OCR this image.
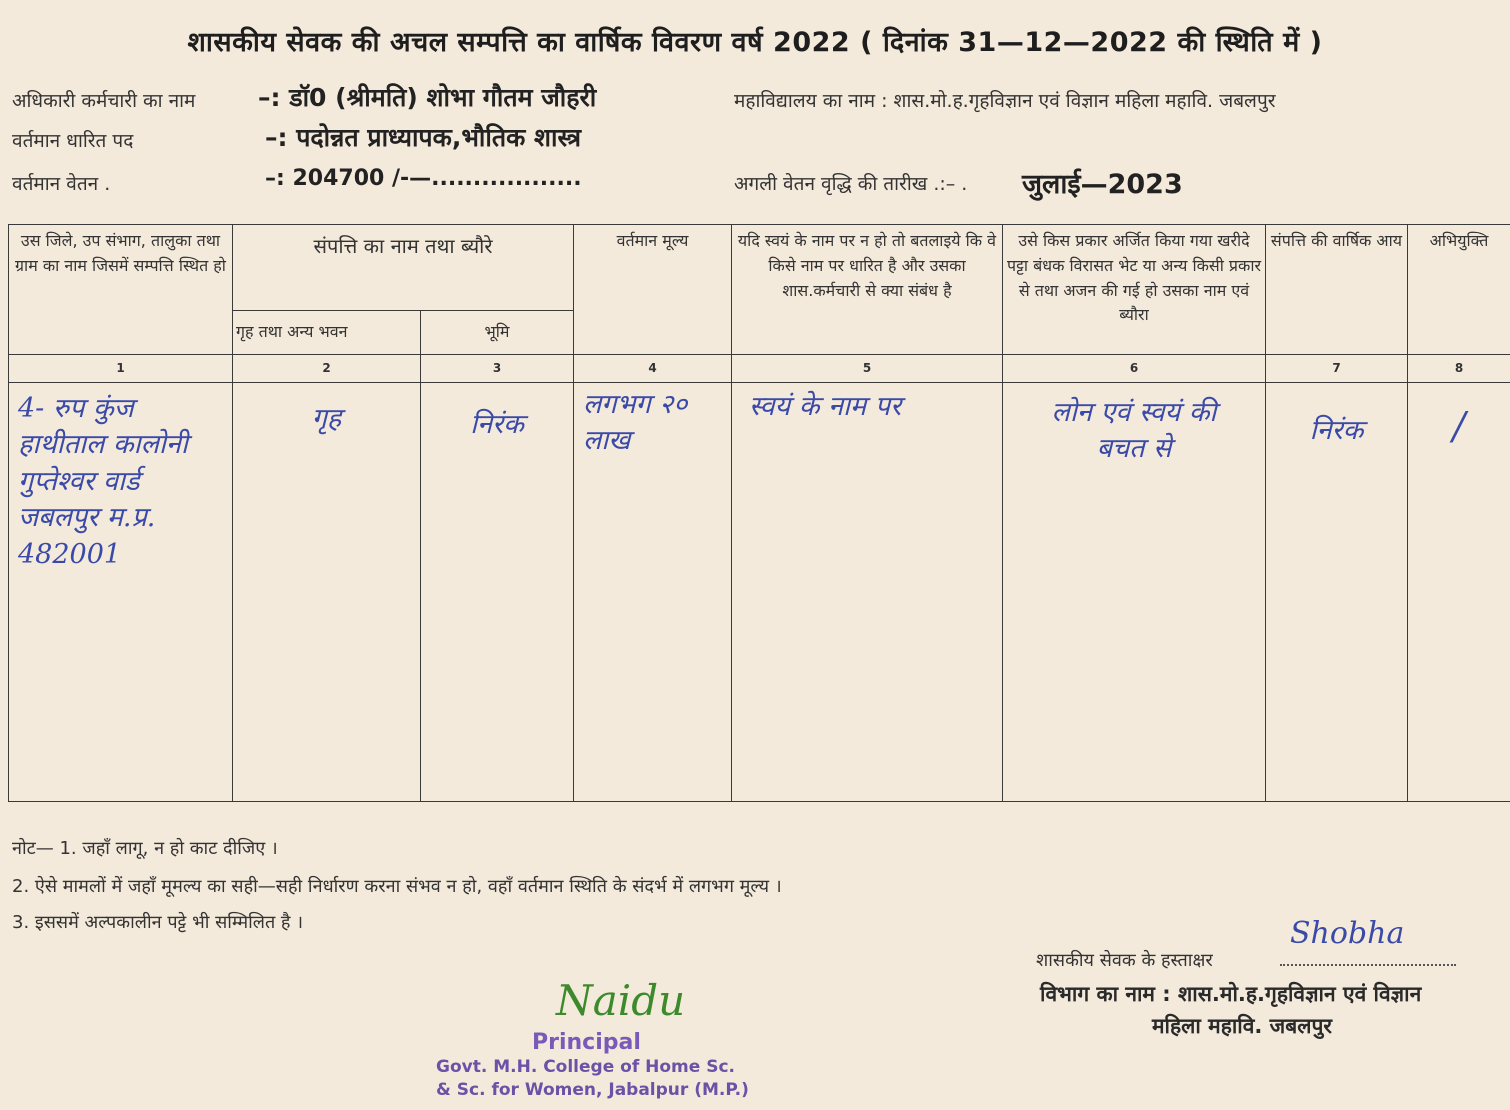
शासकीय सेवक की अचल सम्पत्ति का वार्षिक विवरण वर्ष 2022 ( दिनांक 31—12—2022 की स्थिति में )
अधिकारी कर्मचारी का नाम	–: डॉ0 (श्रीमति) शोभा गौतम जौहरी	महाविद्यालय का नाम : शास.मो.ह.गृहविज्ञान एवं विज्ञान महिला महावि. जबलपुर
वर्तमान धारित पद	–: पदोन्नत प्राध्यापक,भौतिक शास्त्र
वर्तमान वेतन .	–: 204700 /-—..................	अगली वेतन वृद्धि की तारीख .:– . जुलाई—2023
उस जिले, उप संभाग, तालुका तथा ग्राम का नाम जिसमें सम्पत्ति स्थित हो	संपत्ति का नाम तथा ब्यौरे		वर्तमान मूल्य	यदि स्वयं के नाम पर न हो तो बतलाइये कि वे किसे नाम पर धारित है और उसका शास.कर्मचारी से क्या संबंध है	उसे किस प्रकार अर्जित किया गया खरीदे पट्टा बंधक विरासत भेट या अन्य किसी प्रकार से तथा अजन की गई हो उसका नाम एवं ब्यौरा	संपत्ति की वार्षिक आय	अभियुक्ति
	गृह तथा अन्य भवन	भूमि					
1	2	3	4	5	6	7	8

4- रुप कुंज हाथीताल कालोनी गुप्तेश्वर वार्ड जबलपुर म.प्र. 482001	गृह	निरंक	लगभग २० लाख	स्वयं के नाम पर	लोन एवं स्वयं की बचत से	निरंक	/
नोट— 1. जहाँ लागू, न हो काट दीजिए ।
2. ऐसे मामलों में जहाँ मूमल्य का सही—सही निर्धारण करना संभव न हो, वहाँ वर्तमान स्थिति के संदर्भ में लगभग मूल्य ।
3. इससमें अल्पकालीन पट्टे भी सम्मिलित है ।
शासकीय सेवक के हस्ताक्षर
Shobha
विभाग का नाम : शास.मो.ह.गृहविज्ञान एवं विज्ञान
महिला महावि. जबलपुर
Naidu
Principal
Govt. M.H. College of Home Sc.
& Sc. for Women, Jabalpur (M.P.)
